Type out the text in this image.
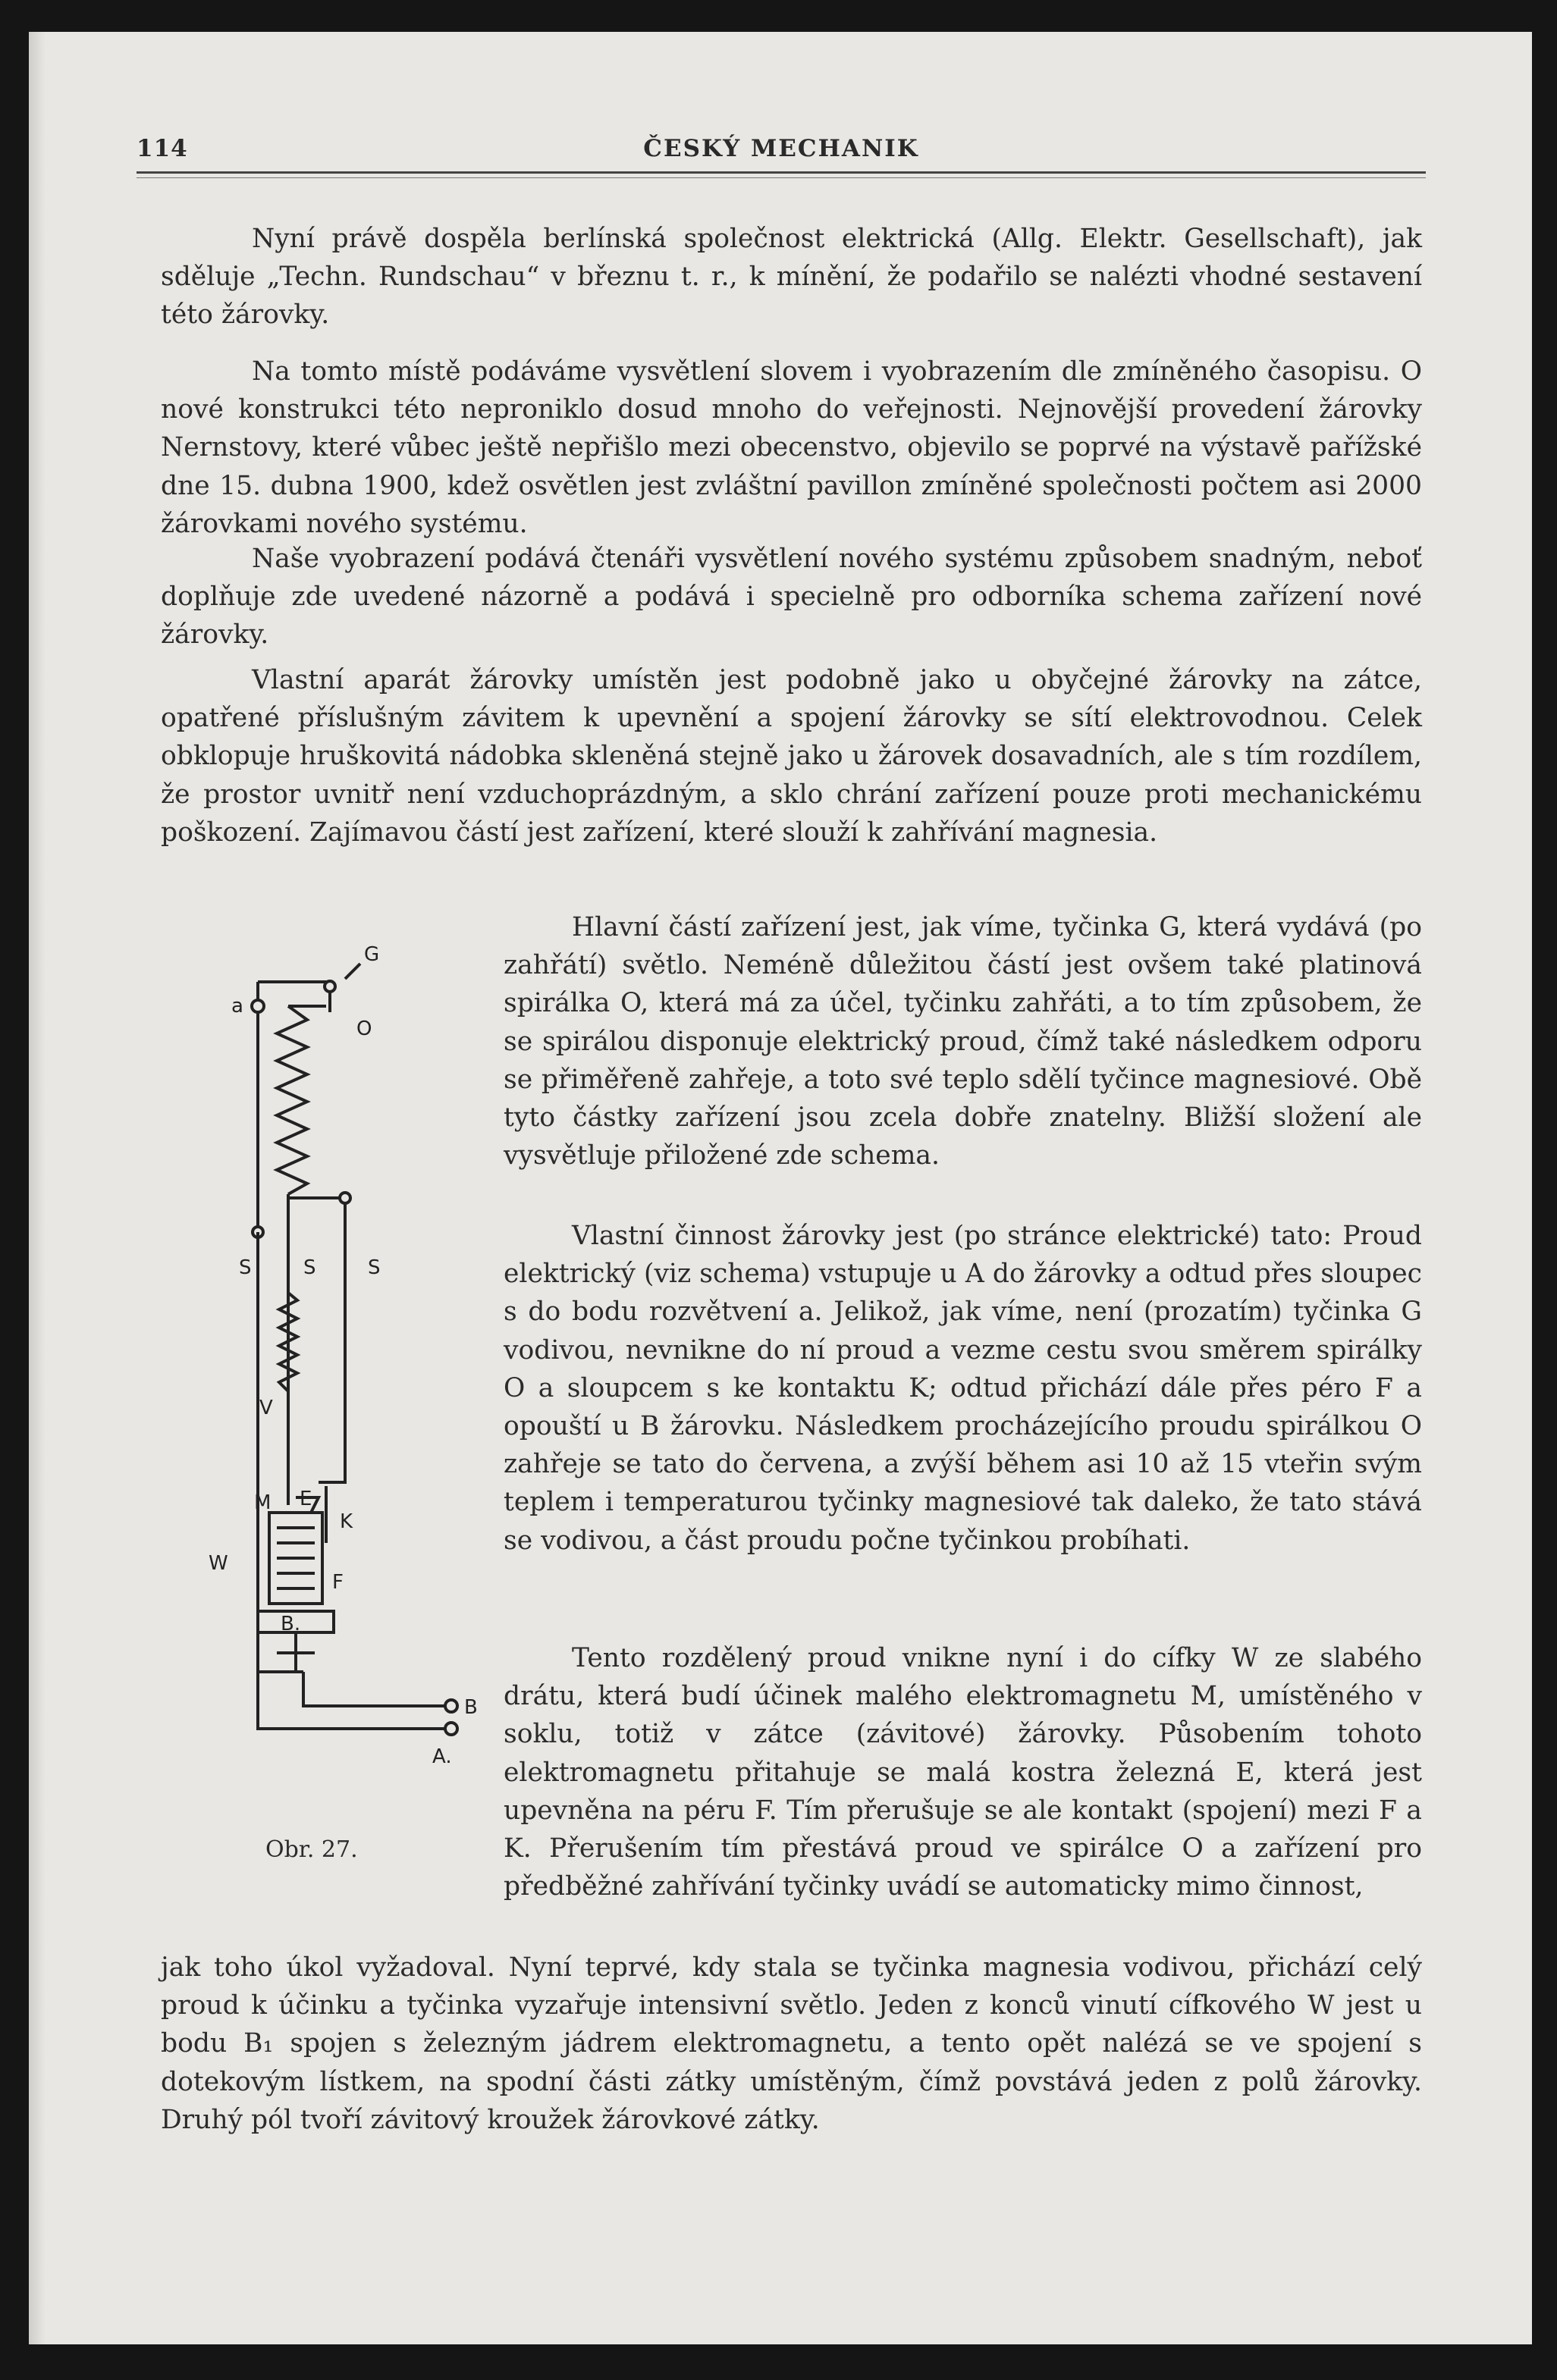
114	ČESKÝ MECHANIK

Nyní právě dospěla berlínská společnost elektrická (Allg. Elektr. Gesellschaft), jak sděluje „Techn. Rundschau“ v březnu t. r., k mínění, že podařilo se nalézti vhodné sestavení této žárovky.

Na tomto místě podáváme vysvětlení slovem i vyobrazením dle zmíněného časopisu. O nové konstrukci této neproniklo dosud mnoho do veřejnosti. Nejnovější provedení žárovky Nernstovy, které vůbec ještě nepřišlo mezi obecenstvo, objevilo se poprvé na výstavě pařížské dne 15. dubna 1900, kdež osvětlen jest zvláštní pavillon zmíněné společnosti počtem asi 2000 žárovkami nového systému.

Naše vyobrazení podává čtenáři vysvětlení nového systému způsobem snadným, neboť doplňuje zde uvedené názorně a podává i specielně pro odborníka schema zařízení nové žárovky.

Vlastní aparát žárovky umístěn jest podobně jako u obyčejné žárovky na zátce, opatřené příslušným závitem k upevnění a spojení žárovky se sítí elektrovodnou. Celek obklopuje hruškovitá nádobka skleněná stejně jako u žárovek dosavadních, ale s tím rozdílem, že prostor uvnitř není vzduchoprázdným, a sklo chrání zařízení pouze proti mechanickému poškození. Zajímavou částí jest zařízení, které slouží k zahřívání magnesia.

Hlavní částí zařízení jest, jak víme, tyčinka G, která vydává (po zahřátí) světlo. Neméně důležitou částí jest ovšem také platinová spirálka O, která má za účel, tyčinku zahřáti, a to tím způsobem, že se spirálou disponuje elektrický proud, čímž také následkem odporu se přiměřeně zahřeje, a toto své teplo sdělí tyčince magnesiové. Obě tyto částky zařízení jsou zcela dobře znatelny. Bližší složení ale vysvětluje přiložené zde schema.

Vlastní činnost žárovky jest (po stránce elektrické) tato: Proud elektrický (viz schema) vstupuje u A do žárovky a odtud přes sloupec s do bodu rozvětvení a. Jelikož, jak víme, není (prozatím) tyčinka G vodivou, nevnikne do ní proud a vezme cestu svou směrem spirálky O a sloupcem s ke kontaktu K; odtud přichází dále přes péro F a opouští u B žárovku. Následkem procházejícího proudu spirálkou O zahřeje se tato do červena, a zvýší během asi 10 až 15 vteřin svým teplem i temperaturou tyčinky magnesiové tak daleko, že tato stává se vodivou, a část proudu počne tyčinkou probíhati.

Tento rozdělený proud vnikne nyní i do cífky W ze slabého drátu, která budí účinek malého elektromagnetu M, umístěného v soklu, totiž v zátce (závitové) žárovky. Působením tohoto elektromagnetu přitahuje se malá kostra železná E, která jest upevněna na péru F. Tím přerušuje se ale kontakt (spojení) mezi F a K. Přerušením tím přestává proud ve spirálce O a zařízení pro předběžné zahřívání tyčinky uvádí se automaticky mimo činnost,

jak toho úkol vyžadoval. Nyní teprvé, kdy stala se tyčinka magnesia vodivou, přichází celý proud k účinku a tyčinka vyzařuje intensivní světlo. Jeden z konců vinutí cífkového W jest u bodu B₁ spojen s železným jádrem elektromagnetu, a tento opět nalézá se ve spojení s dotekovým lístkem, na spodní části zátky umístěným, čímž povstává jeden z polů žárovky. Druhý pól tvoří závitový kroužek žárovkové zátky.

G
a
O
S	S	S
V
M E
K
W
F
B.
B
A.
Obr. 27.
